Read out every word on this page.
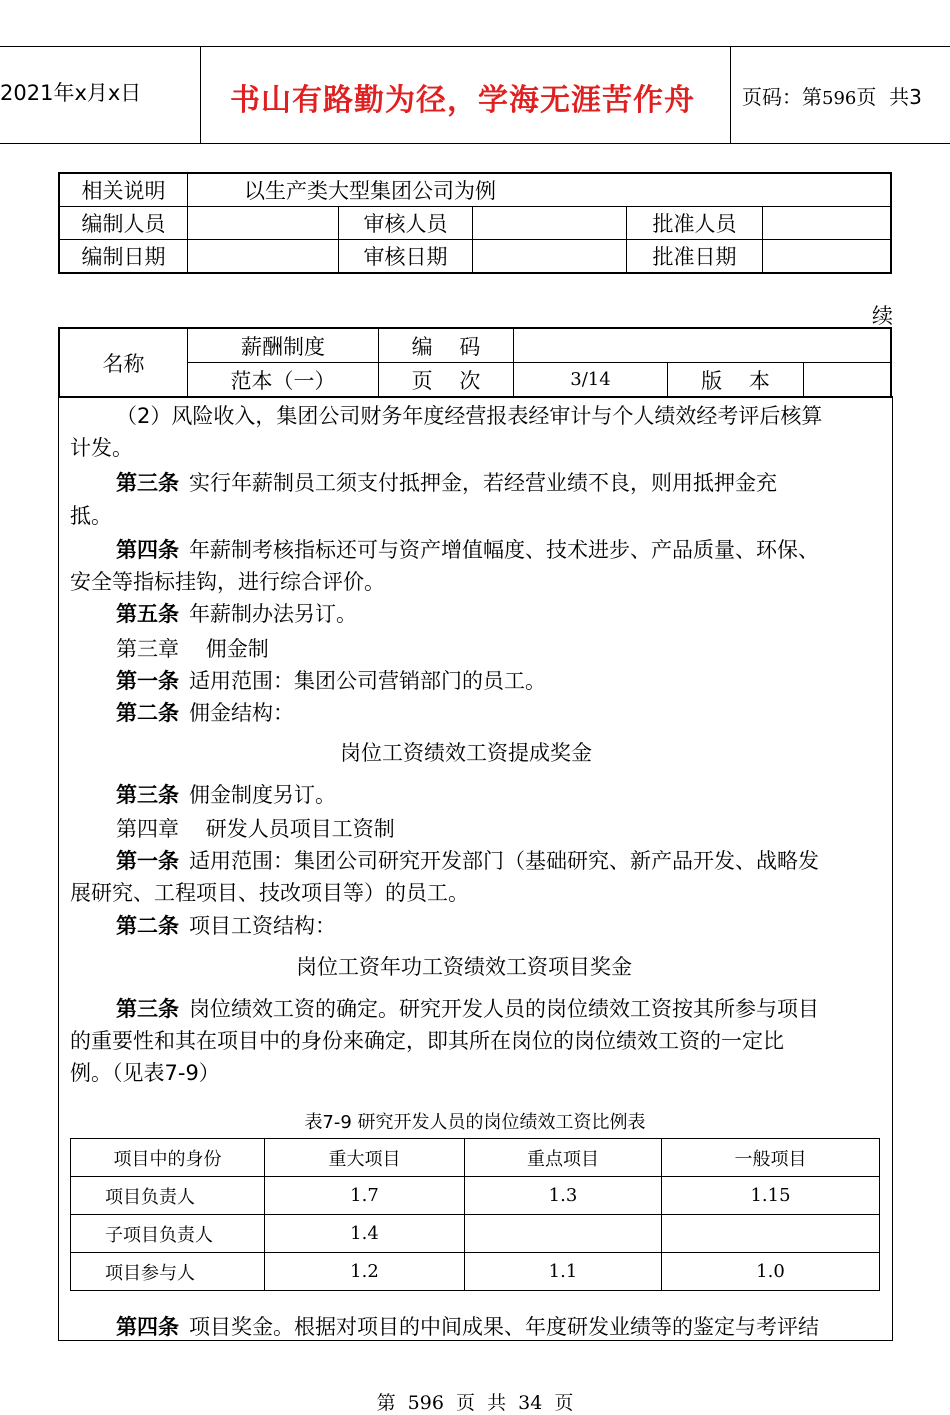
2021年x月x日	书山有路勤为径，学海无涯苦作舟 页码：第596页  共3
相关说明	以生产类大型集团公司为例				
编制人员		审核人员		批准人员	
编制日期		审核日期		批准日期	
续
名称	薪酬制度	编    码			
	范本（一）	页    次	3/14	版    本	
（2）风险收入，集团公司财务年度经营报表经审计与个人绩效经考评后核算
计发。
第三条 实行年薪制员工须支付抵押金，若经营业绩不良，则用抵押金充
抵。
第四条 年薪制考核指标还可与资产增值幅度、技术进步、产品质量、环保、
安全等指标挂钩，进行综合评价。
第五条 年薪制办法另订。
第三章    佣金制
第一条 适用范围：集团公司营销部门的员工。
第二条 佣金结构：
岗位工资绩效工资提成奖金
第三条 佣金制度另订。
第四章    研发人员项目工资制
第一条 适用范围：集团公司研究开发部门（基础研究、新产品开发、战略发
展研究、工程项目、技改项目等）的员工。
第二条 项目工资结构：
岗位工资年功工资绩效工资项目奖金
第三条 岗位绩效工资的确定。研究开发人员的岗位绩效工资按其所参与项目
的重要性和其在项目中的身份来确定，即其所在岗位的岗位绩效工资的一定比
例。（见表7-9）
表7-9 研究开发人员的岗位绩效工资比例表
项目中的身份	重大项目	重点项目	一般项目
项目负责人	1.7	1.3	1.15
子项目负责人	1.4		
项目参与人	1.2	1.1	1.0
第四条 项目奖金。根据对项目的中间成果、年度研发业绩等的鉴定与考评结
第  596  页  共  34  页
